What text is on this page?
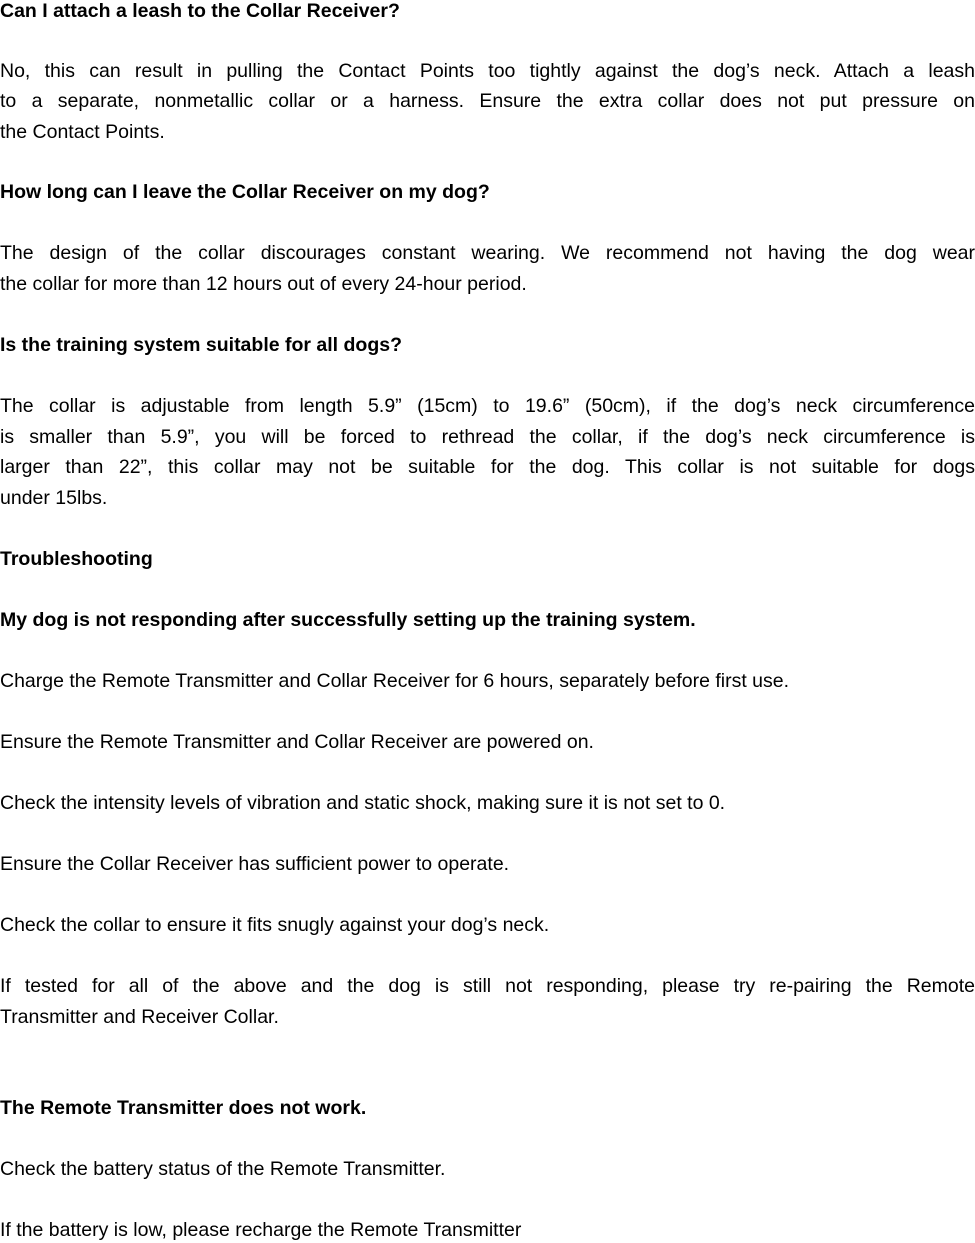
Can I attach a leash to the Collar Receiver?

No, this can result in pulling the Contact Points too tightly against the dog’s neck. Attach a leash

to a separate, nonmetallic collar or a harness. Ensure the extra collar does not put pressure on

the Contact Points.

How long can I leave the Collar Receiver on my dog?

The design of the collar discourages constant wearing. We recommend not having the dog wear

the collar for more than 12 hours out of every 24-hour period.

Is the training system suitable for all dogs?

The collar is adjustable from length 5.9” (15cm) to 19.6” (50cm), if the dog’s neck circumference

is smaller than 5.9”, you will be forced to rethread the collar, if the dog’s neck circumference is

larger than 22”, this collar may not be suitable for the dog. This collar is not suitable for dogs

under 15lbs.

Troubleshooting

My dog is not responding after successfully setting up the training system.

Charge the Remote Transmitter and Collar Receiver for 6 hours, separately before first use.

Ensure the Remote Transmitter and Collar Receiver are powered on.

Check the intensity levels of vibration and static shock, making sure it is not set to 0.

Ensure the Collar Receiver has sufficient power to operate.

Check the collar to ensure it fits snugly against your dog’s neck.

If tested for all of the above and the dog is still not responding, please try re-pairing the Remote

Transmitter and Receiver Collar.

The Remote Transmitter does not work.

Check the battery status of the Remote Transmitter.

If the battery is low, please recharge the Remote Transmitter
